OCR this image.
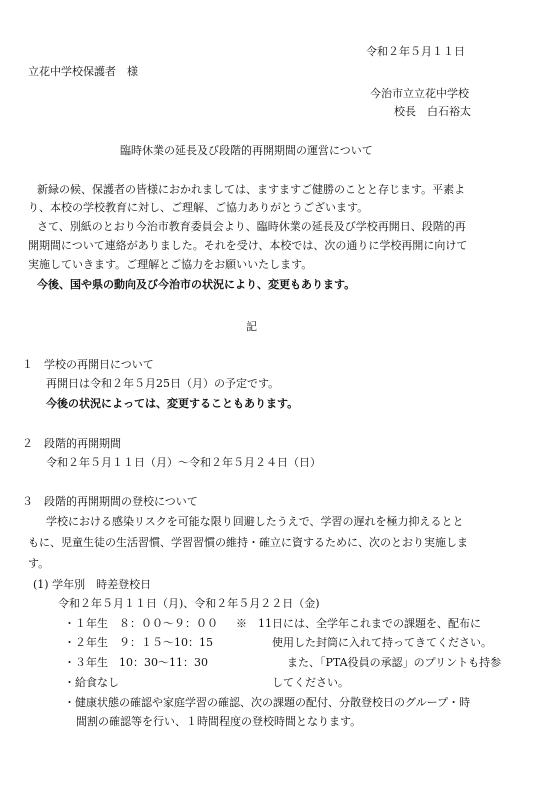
令和２年５月１１日

立花中学校保護者　様

今治市立立花中学校

校長　白石裕太

臨時休業の延長及び段階的再開期間の運営について

新緑の候、保護者の皆様におかれましては、ますますご健勝のことと存じます。平素よ

り、本校の学校教育に対し、ご理解、ご協力ありがとうございます。

さて、別紙のとおり今治市教育委員会より、臨時休業の延長及び学校再開日、段階的再

開期間について連絡がありました。それを受け、本校では、次の通りに学校再開に向けて

実施していきます。ご理解とご協力をお願いいたします。

今後、国や県の動向及び今治市の状況により、変更もあります。

記

１　学校の再開日について

再開日は令和２年５月25日（月）の予定です。

今後の状況によっては、変更することもあります。

２　段階的再開期間

令和２年５月１１日（月）～令和２年５月２４日（日）

３　段階的再開期間の登校について

学校における感染リスクを可能な限り回避したうえで、学習の遅れを極力抑えるとと

もに、児童生徒の生活習慣、学習習慣の維持・確立に資するために、次のとおり実施しま

す。

(1) 学年別　時差登校日

令和２年５月１１日（月)、令和２年５月２２日（金)

・１年生　８：００～９：００

・２年生　９：１５～10：15

・３年生　10：30～11：30

・給食なし

※　11日には、全学年これまでの課題を、配布に

使用した封筒に入れて持ってきてください。

また、「PTA役員の承認」のプリントも持参

してください。

・健康状態の確認や家庭学習の確認、次の課題の配付、分散登校日のグループ・時

間割の確認等を行い、１時間程度の登校時間となります。
